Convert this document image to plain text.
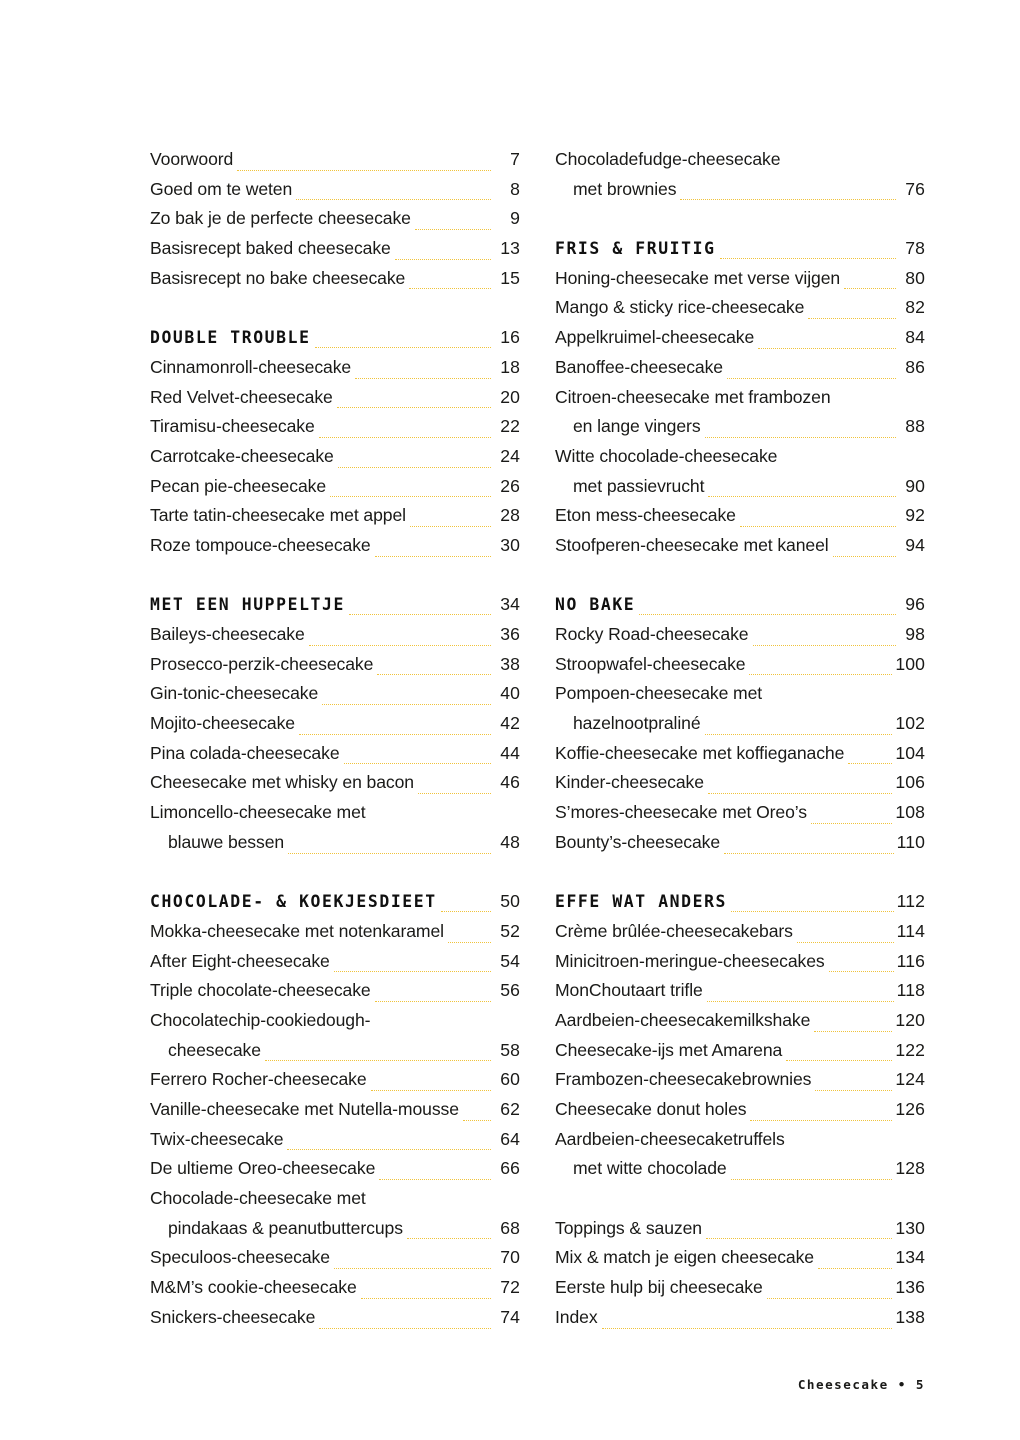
Voorwoord	7
Goed om te weten	8
Zo bak je de perfecte cheesecake	9
Basisrecept baked cheesecake	13
Basisrecept no bake cheesecake	15
DOUBLE TROUBLE	16
Cinnamonroll-cheesecake	18
Red Velvet-cheesecake	20
Tiramisu-cheesecake	22
Carrotcake-cheesecake	24
Pecan pie-cheesecake	26
Tarte tatin-cheesecake met appel	28
Roze tompouce-cheesecake	30
MET EEN HUPPELTJE	34
Baileys-cheesecake	36
Prosecco-perzik-cheesecake	38
Gin-tonic-cheesecake	40
Mojito-cheesecake	42
Pina colada-cheesecake	44
Cheesecake met whisky en bacon	46
Limoncello-cheesecake met
blauwe bessen	48
CHOCOLADE- & KOEKJESDIEET	50
Mokka-cheesecake met notenkaramel	52
After Eight-cheesecake	54
Triple chocolate-cheesecake	56
Chocolatechip-cookiedough-
cheesecake	58
Ferrero Rocher-cheesecake	60
Vanille-cheesecake met Nutella-mousse	62
Twix-cheesecake	64
De ultieme Oreo-cheesecake	66
Chocolade-cheesecake met
pindakaas & peanutbuttercups	68
Speculoos-cheesecake	70
M&M’s cookie-cheesecake	72
Snickers-cheesecake	74
Chocoladefudge-cheesecake
met brownies	76
FRIS & FRUITIG	78
Honing-cheesecake met verse vijgen	80
Mango & sticky rice-cheesecake	82
Appelkruimel-cheesecake	84
Banoffee-cheesecake	86
Citroen-cheesecake met frambozen
en lange vingers	88
Witte chocolade-cheesecake
met passievrucht	90
Eton mess-cheesecake	92
Stoofperen-cheesecake met kaneel	94
NO BAKE	96
Rocky Road-cheesecake	98
Stroopwafel-cheesecake	100
Pompoen-cheesecake met
hazelnootpraliné	102
Koffie-cheesecake met koffieganache	104
Kinder-cheesecake	106
S’mores-cheesecake met Oreo’s	108
Bounty’s-cheesecake	110
EFFE WAT ANDERS	112
Crème brûlée-cheesecakebars	114
Minicitroen-meringue-cheesecakes	116
MonChoutaart trifle	118
Aardbeien-cheesecakemilkshake	120
Cheesecake-ijs met Amarena	122
Frambozen-cheesecakebrownies	124
Cheesecake donut holes	126
Aardbeien-cheesecaketruffels
met witte chocolade	128
Toppings & sauzen	130
Mix & match je eigen cheesecake	134
Eerste hulp bij cheesecake	136
Index	138
Cheesecake • 5
